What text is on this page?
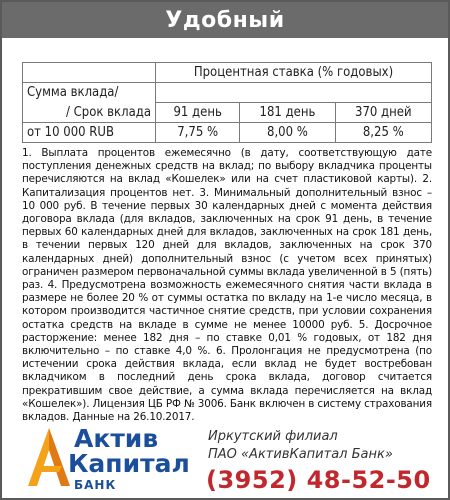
Удобный
	Процентная ставка (% годовых)		
Сумма вклада/			
/ Срок вклада	91 день	181 день	370 дней
от 10 000 RUB	7,75 %	8,00 %	8,25 %
1. Выплата процентов ежемесячно (в дату, соответствующую дате поступления денежных средств на вклад; по выбору вкладчика проценты перечисляются на вклад «Кошелек» или на счет пластиковой карты). 2. Капитализация процентов нет. 3. Минимальный дополнительный взнос – 10 000 руб. В течение первых 30 календарных дней с момента действия договора вклада (для вкладов, заключенных на срок 91 день, в течение первых 60 календарных дней для вкладов, заключенных на срок 181 день, в течении первых 120 дней для вкладов, заключенных на срок 370 календарных дней) дополнительный взнос (с учетом всех принятых) ограничен размером первоначальной суммы вклада увеличенной в 5 (пять) раз. 4. Предусмотрена возможность ежемесячного снятия части вклада в размере не более 20 % от суммы остатка по вкладу на 1-е число месяца, в котором производится частичное снятие средств, при условии сохранения остатка средств на вкладе в сумме не менее 10000 руб. 5. Досрочное расторжение: менее 182 дня – по ставке 0,01 % годовых, от 182 дня включительно – по ставке 4,0 %. 6. Пролонгация не предусмотрена (по истечении срока действия вклада, если вклад не будет востребован вкладчиком в последний день срока вклада, договор считается прекратившим свое действие, а сумма вклада перечисляется на вклад «Кошелек»). Лицензия ЦБ РФ № 3006. Банк включен в систему страхования вкладов. Данные на 26.10.2017.
Актив
Капитал
БАНК
Иркутский филиал
ПАО «АктивКапитал Банк»
(3952) 48-52-50
